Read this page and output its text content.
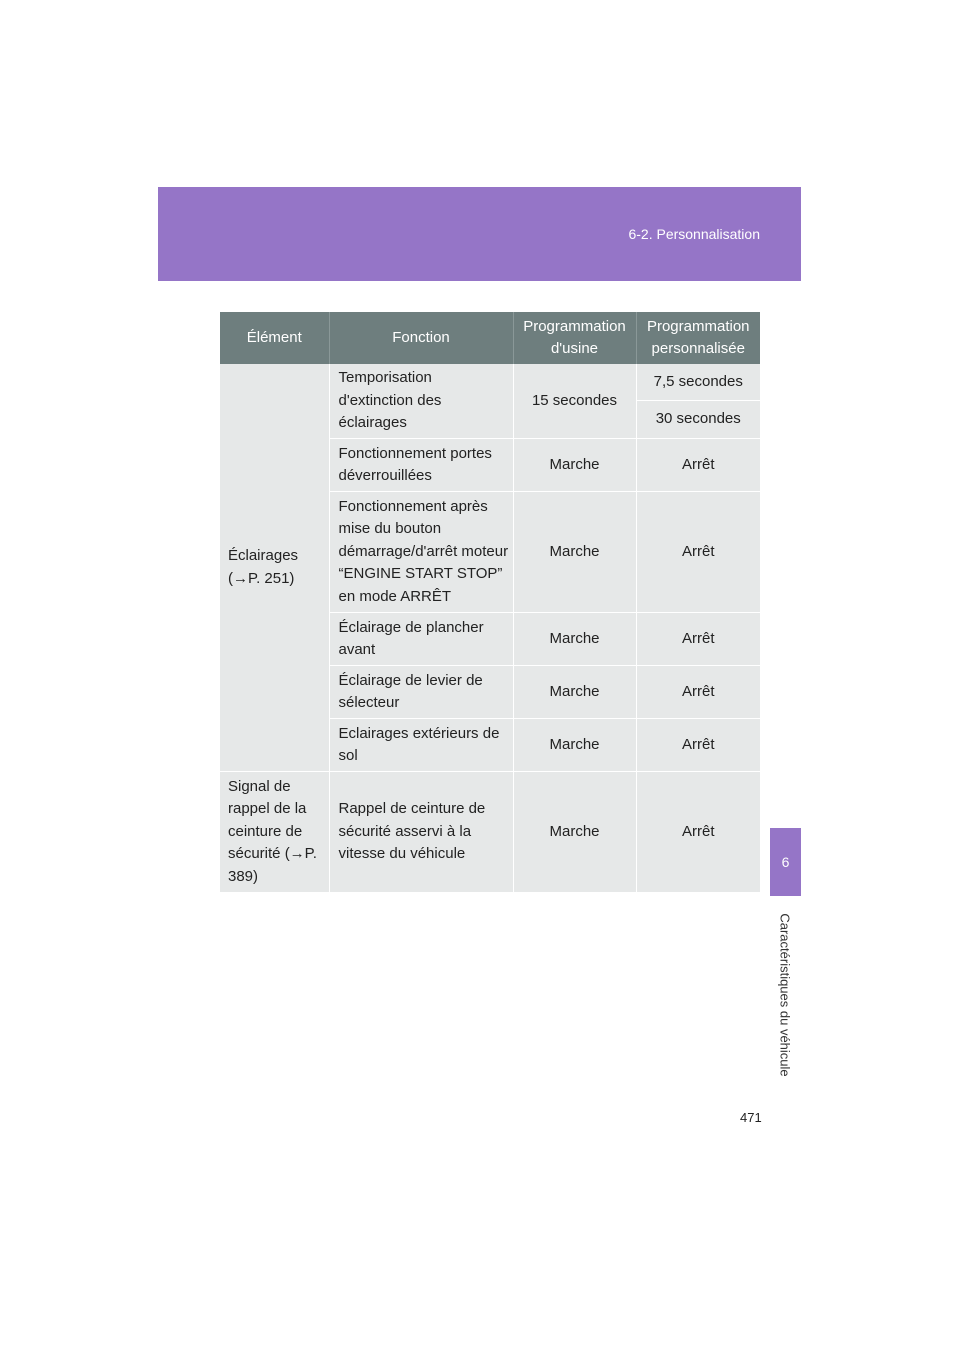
6-2. Personnalisation
6
Caractéristiques du véhicule
471
Élément	Fonction	Programmation d'usine	Programmation personnalisée
Éclairages (→P. 251)	Temporisation d'extinction des éclairages	15 secondes	7,5 secondes
			30 secondes
	Fonctionnement portes déverrouillées	Marche	Arrêt
	Fonctionnement après mise du bouton démarrage/d'arrêt moteur “ENGINE START STOP” en mode ARRÊT	Marche	Arrêt
	Éclairage de plancher avant	Marche	Arrêt
	Éclairage de levier de sélecteur	Marche	Arrêt
	Eclairages extérieurs de sol	Marche	Arrêt
Signal de rappel de la ceinture de sécurité (→P. 389)	Rappel de ceinture de sécurité asservi à la vitesse du véhicule	Marche	Arrêt
